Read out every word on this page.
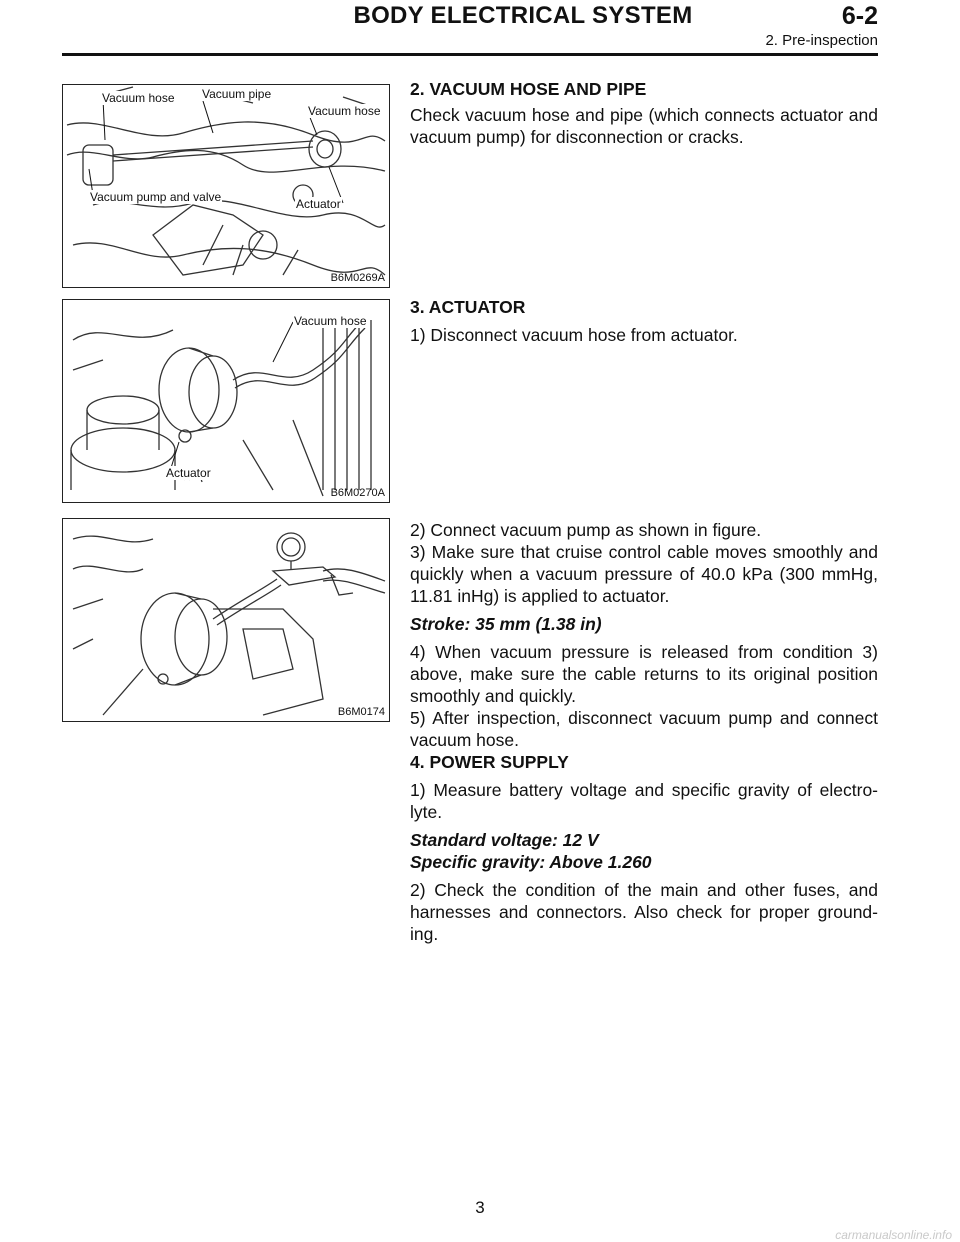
BODY ELECTRICAL SYSTEM	6-2
2. Pre-inspection
Vacuum hose Vacuum pipe
Vacuum hose
Vacuum pump and valve	Actuator
B6M0269A
Vacuum hose
Actuator
B6M0270A
B6M0174

2. VACUUM HOSE AND PIPE

Check vacuum hose and pipe (which connects actuator and vacuum pump) for disconnection or cracks.

3. ACTUATOR

1) Disconnect vacuum hose from actuator.

2) Connect vacuum pump as shown in figure.

3) Make sure that cruise control cable moves smoothly and quickly when a vacuum pressure of 40.0 kPa (300 mmHg, 11.81 inHg) is applied to actuator.

Stroke: 35 mm (1.38 in)

4) When vacuum pressure is released from condition 3) above, make sure the cable returns to its original position smoothly and quickly.

5) After inspection, disconnect vacuum pump and connect vacuum hose.

4. POWER SUPPLY

1) Measure battery voltage and specific gravity of electro-lyte.

Standard voltage: 12 V

Specific gravity: Above 1.260

2) Check the condition of the main and other fuses, and harnesses and connectors. Also check for proper ground-ing.

3
carmanualsonline.info
